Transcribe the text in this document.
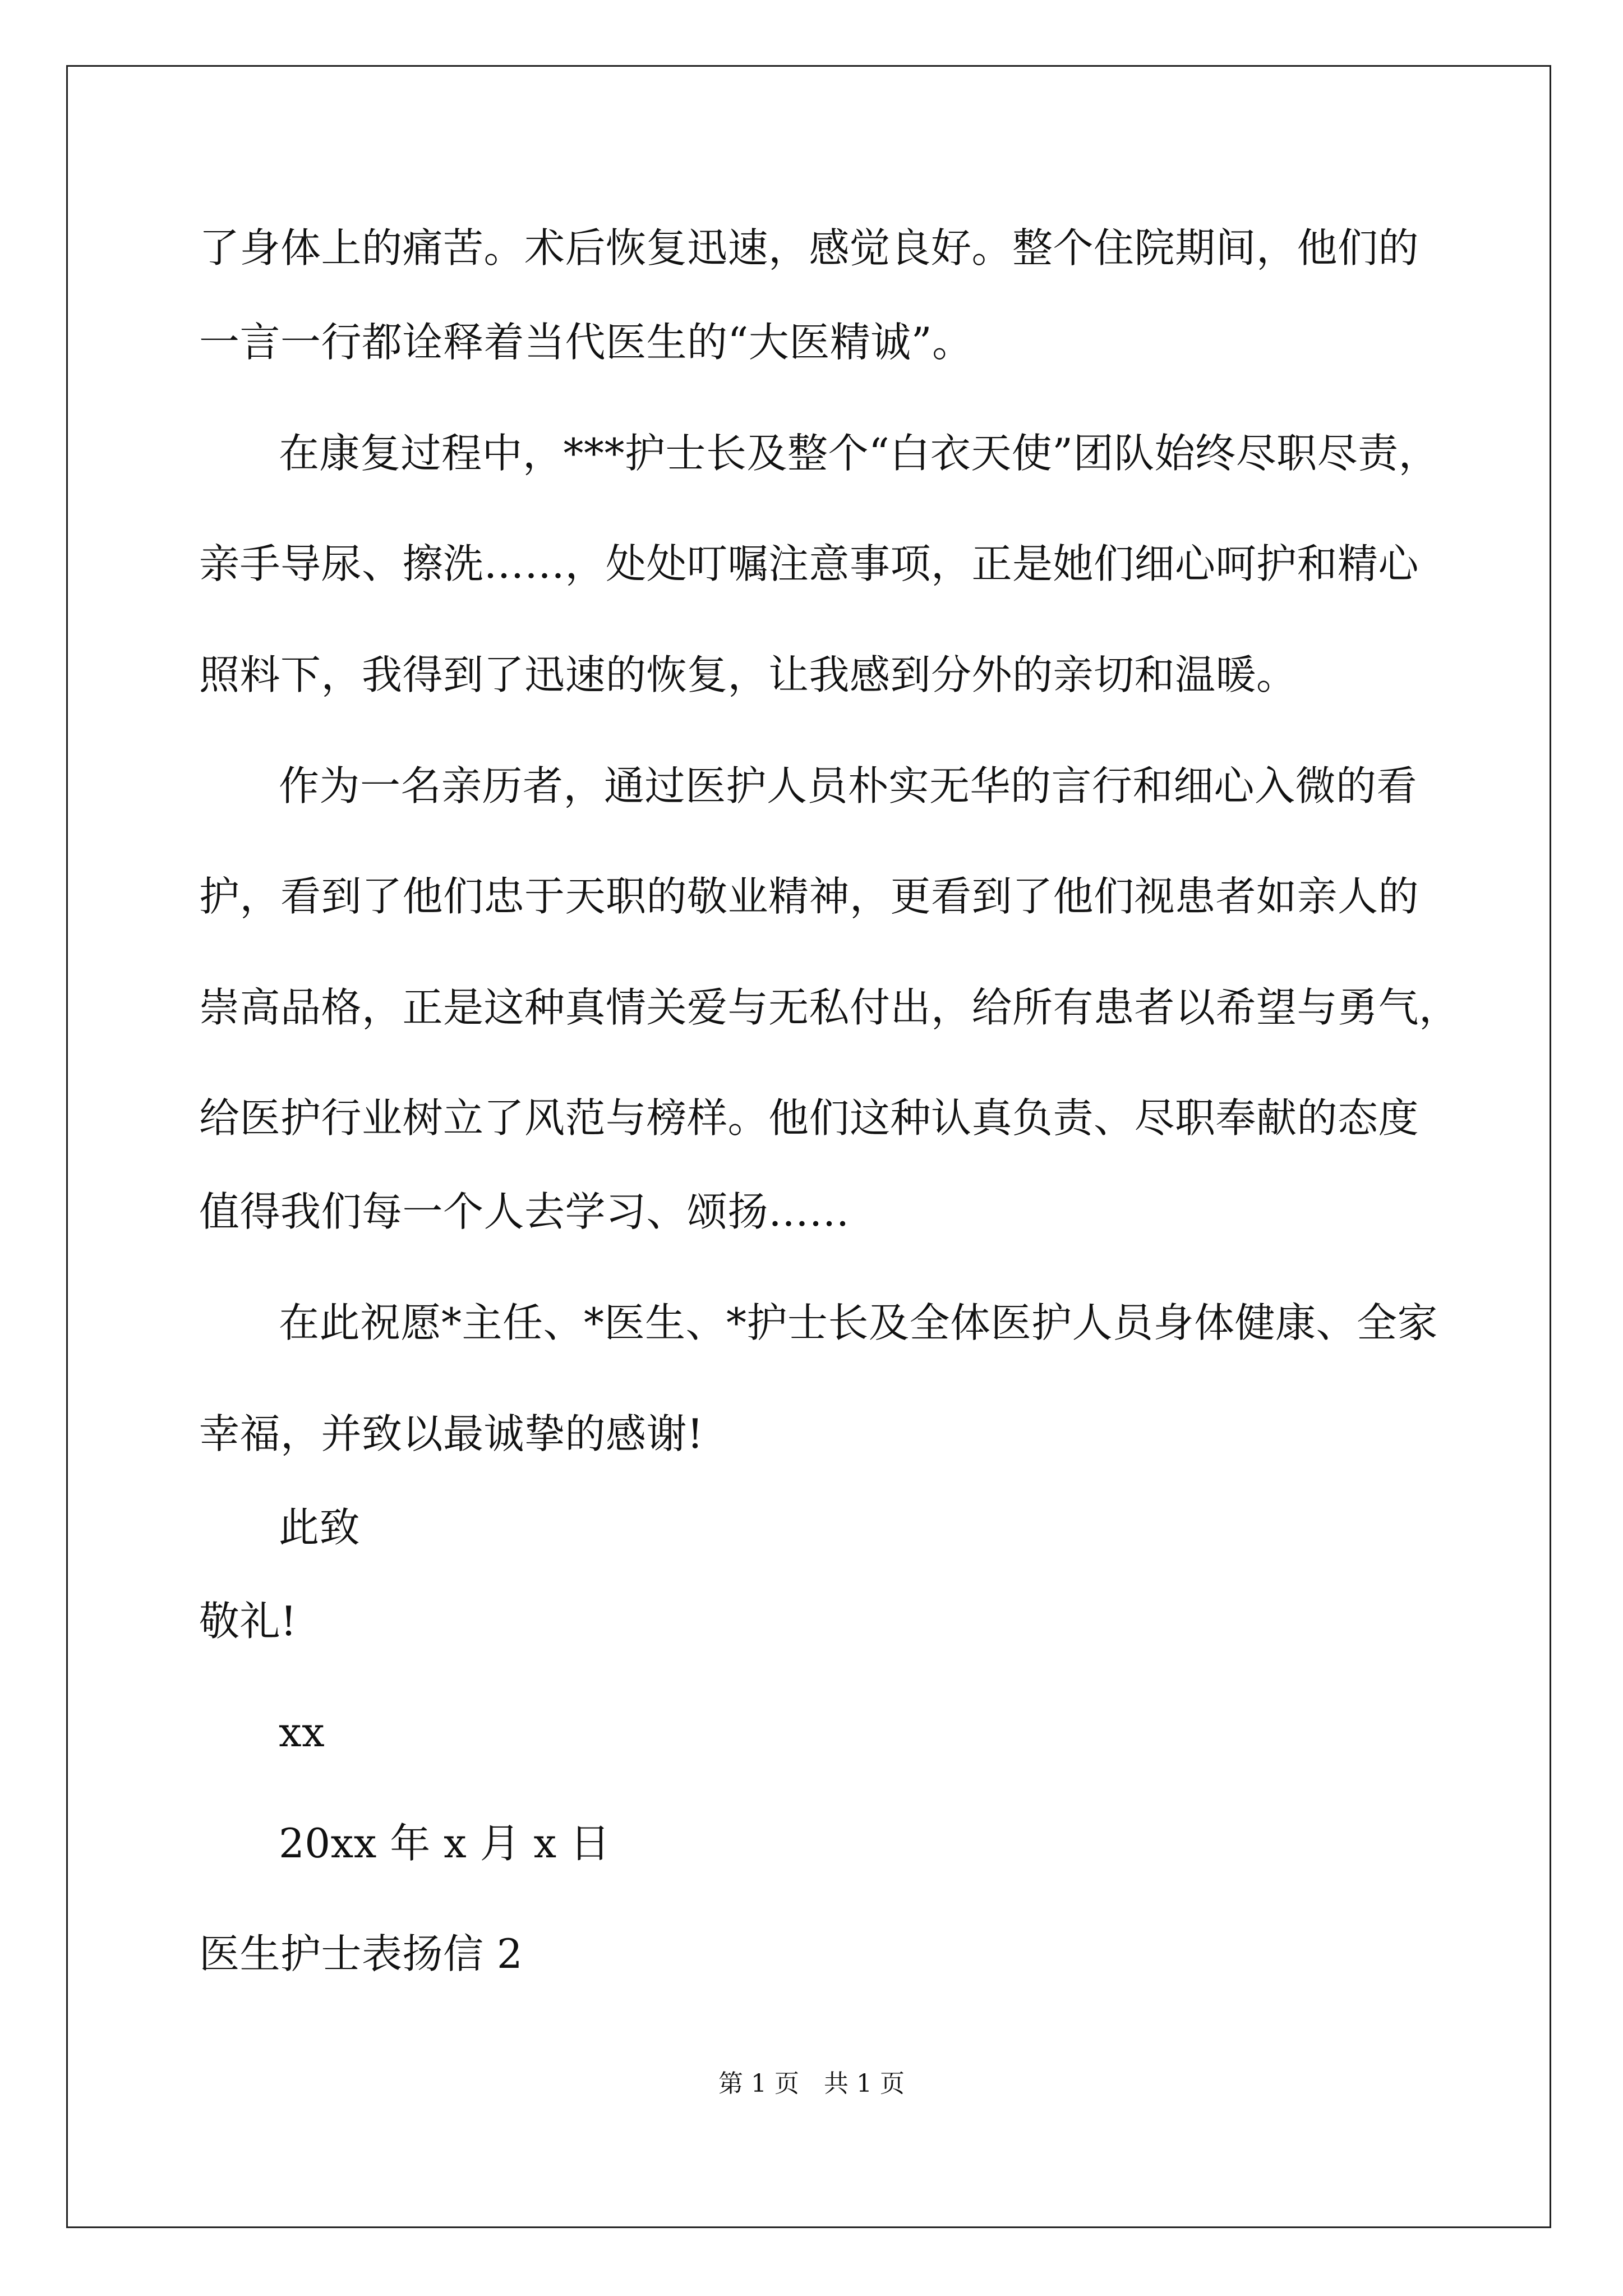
了身体上的痛苦。术后恢复迅速，感觉良好。整个住院期间，他们的
一言一行都诠释着当代医生的“大医精诚”。
在康复过程中，***护士长及整个“白衣天使”团队始终尽职尽责，
亲手导尿、擦洗……，处处叮嘱注意事项，正是她们细心呵护和精心
照料下，我得到了迅速的恢复，让我感到分外的亲切和温暖。
作为一名亲历者，通过医护人员朴实无华的言行和细心入微的看
护，看到了他们忠于天职的敬业精神，更看到了他们视患者如亲人的
崇高品格，正是这种真情关爱与无私付出，给所有患者以希望与勇气，
给医护行业树立了风范与榜样。他们这种认真负责、尽职奉献的态度
值得我们每一个人去学习、颂扬……
在此祝愿*主任、*医生、*护士长及全体医护人员身体健康、全家
幸福，并致以最诚挚的感谢!
此致
敬礼!
xx
20xx 年 x 月 x 日
医生护士表扬信 2
第 1 页　共 1 页
